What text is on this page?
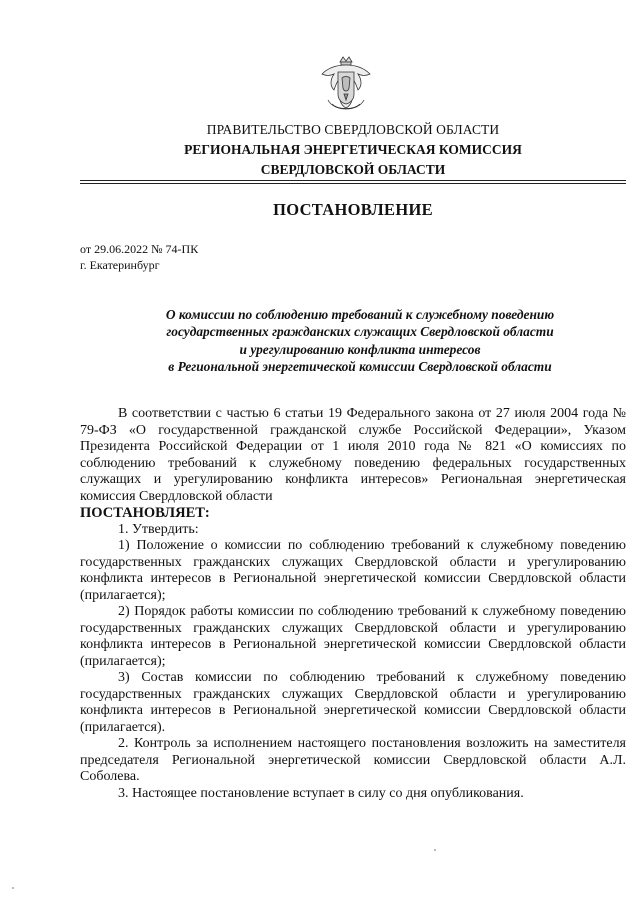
ПРАВИТЕЛЬСТВО СВЕРДЛОВСКОЙ ОБЛАСТИ
РЕГИОНАЛЬНАЯ ЭНЕРГЕТИЧЕСКАЯ КОМИССИЯ
СВЕРДЛОВСКОЙ ОБЛАСТИ
ПОСТАНОВЛЕНИЕ
от 29.06.2022 № 74-ПК
г. Екатеринбург
О комиссии по соблюдению требований к служебному поведению
государственных гражданских служащих Свердловской области
и урегулированию конфликта интересов
в Региональной энергетической комиссии Свердловской области

В соответствии с частью 6 статьи 19 Федерального закона от 27 июля 2004 года № 79-ФЗ «О государственной гражданской службе Российской Федерации», Указом Президента Российской Федерации от 1 июля 2010 года № 821 «О комиссиях по соблюдению требований к служебному поведению федеральных государственных служащих и урегулированию конфликта интересов» Региональная энергетическая комиссия Свердловской области

ПОСТАНОВЛЯЕТ:

1. Утвердить:

1) Положение о комиссии по соблюдению требований к служебному поведению государственных гражданских служащих Свердловской области и урегулированию конфликта интересов в Региональной энергетической комиссии Свердловской области (прилагается);

2) Порядок работы комиссии по соблюдению требований к служебному поведению государственных гражданских служащих Свердловской области и урегулированию конфликта интересов в Региональной энергетической комиссии Свердловской области (прилагается);

3) Состав комиссии по соблюдению требований к служебному поведению государственных гражданских служащих Свердловской области и урегулированию конфликта интересов в Региональной энергетической комиссии Свердловской области (прилагается).

2. Контроль за исполнением настоящего постановления возложить на заместителя председателя Региональной энергетической комиссии Свердловской области А.Л. Соболева.

3. Настоящее постановление вступает в силу со дня опубликования.
